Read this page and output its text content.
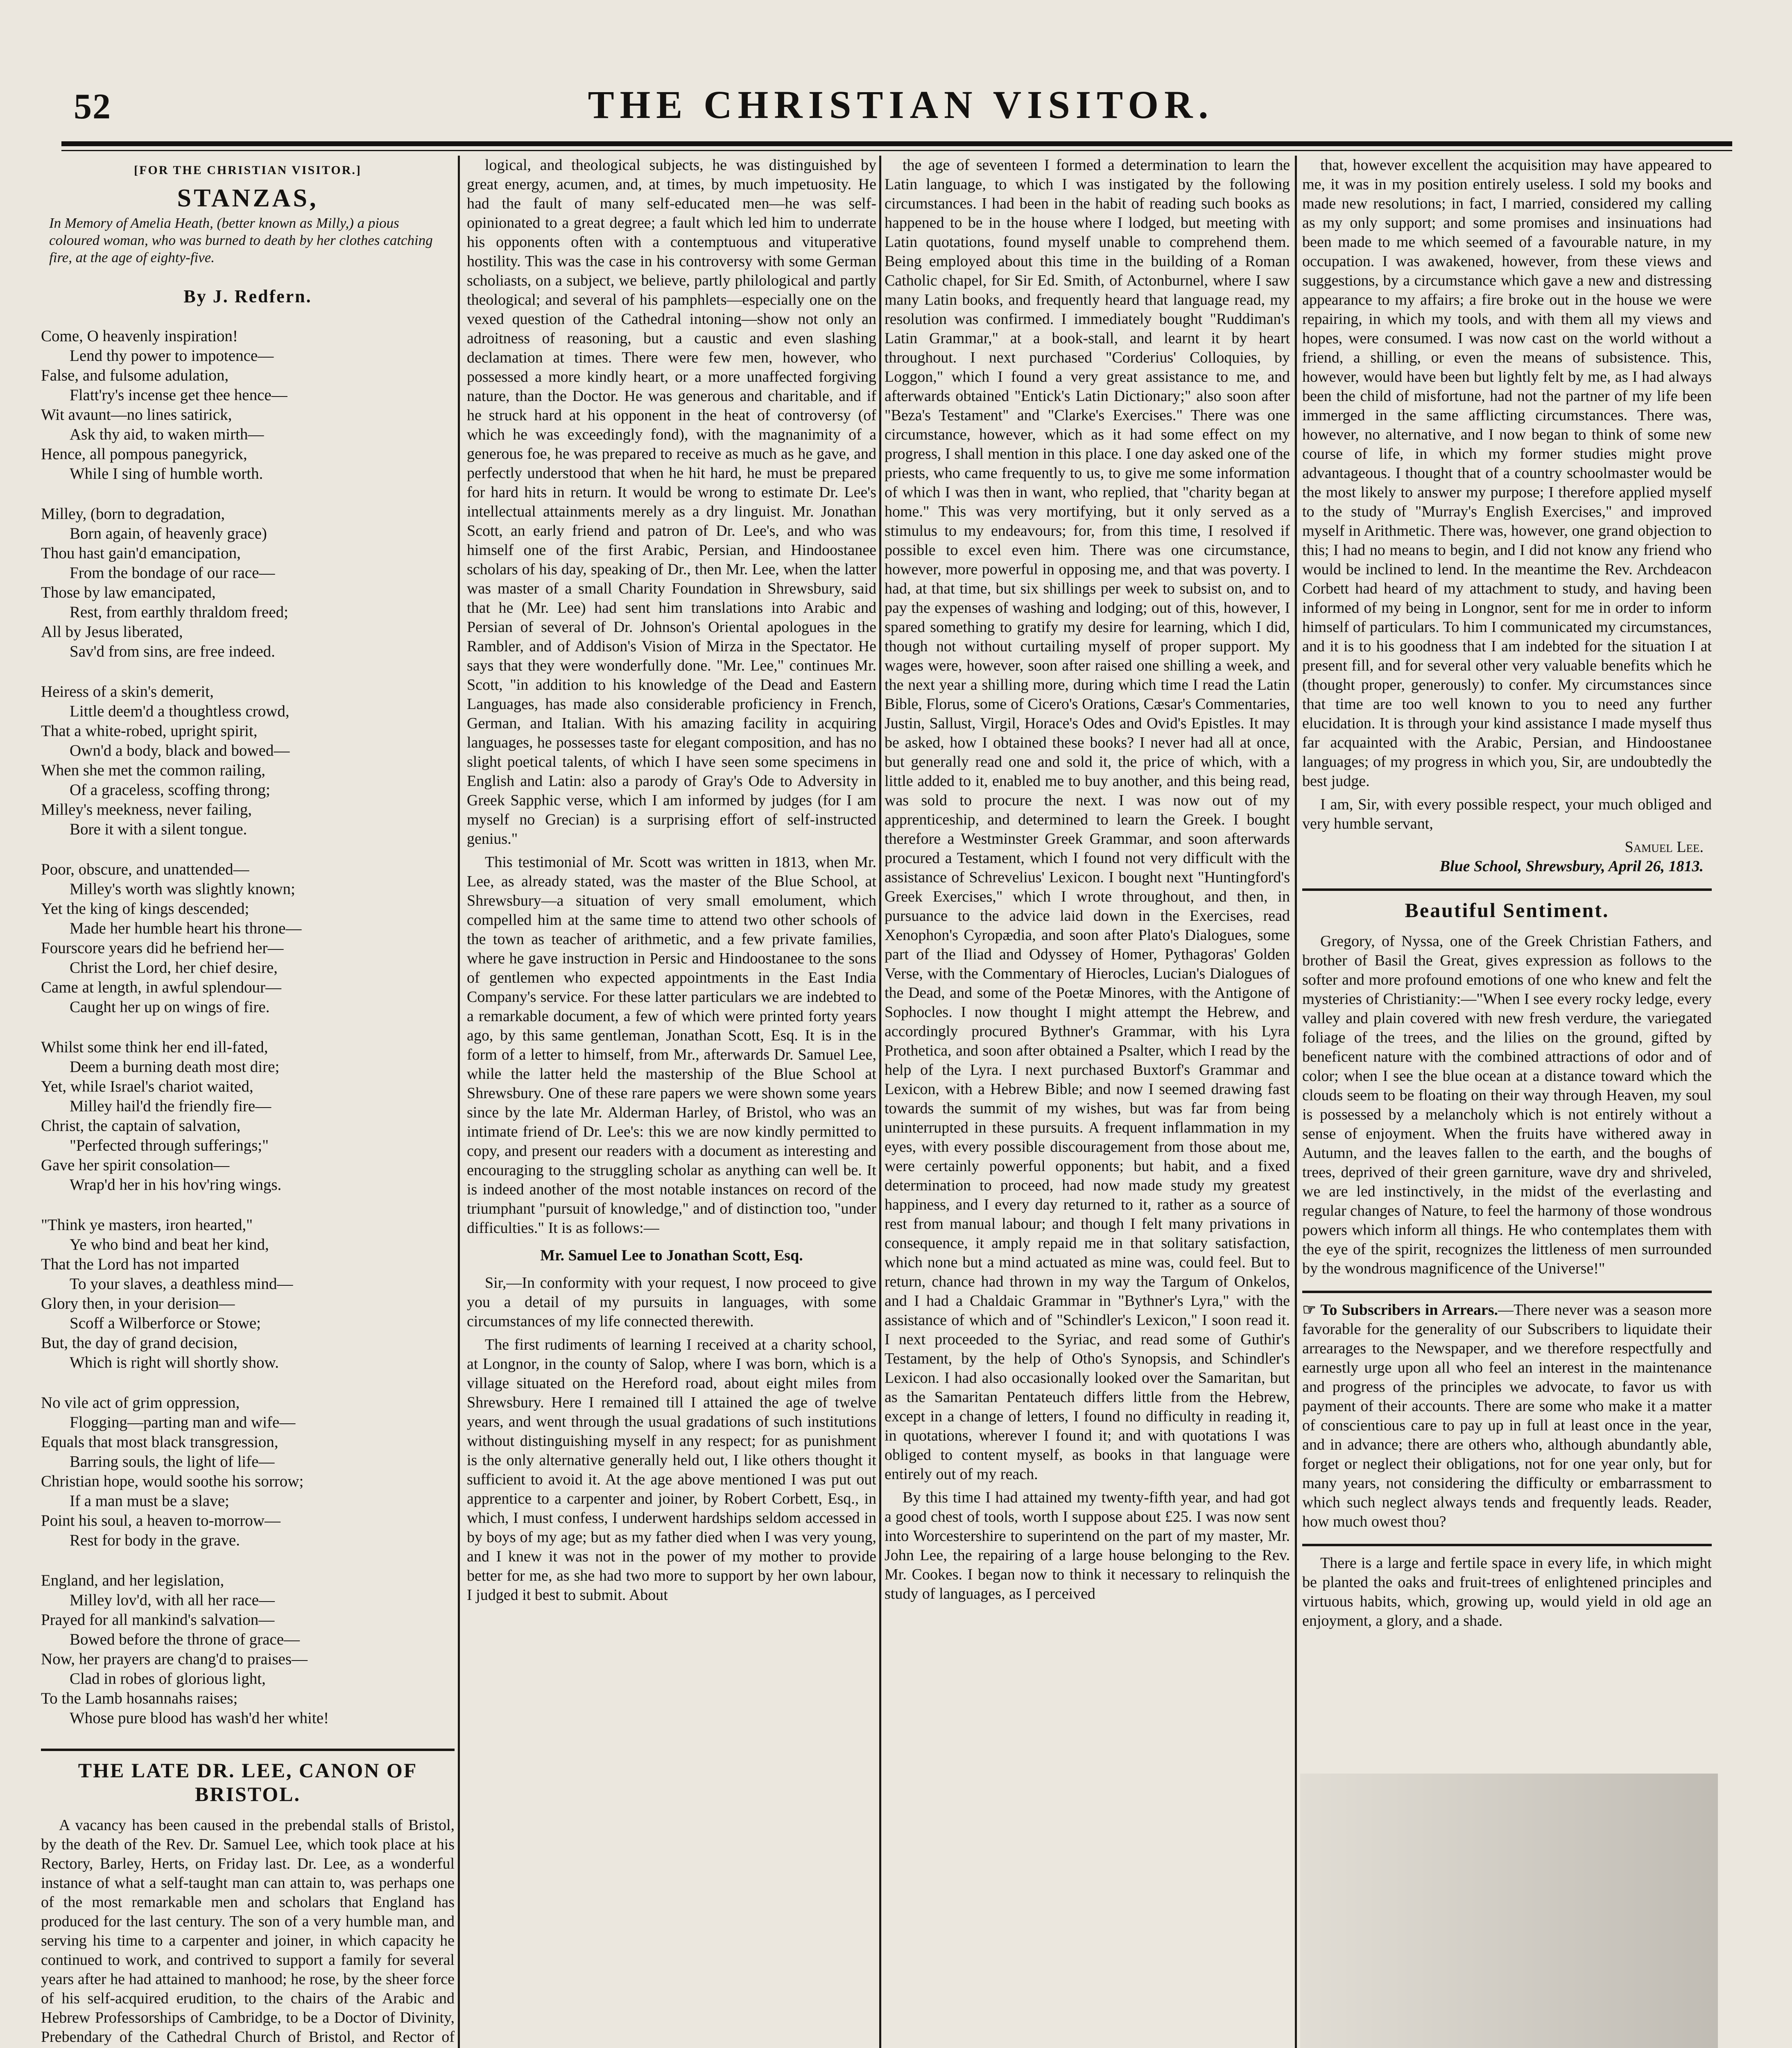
52	THE CHRISTIAN VISITOR.
[FOR THE CHRISTIAN VISITOR.]
STANZAS,
In Memory of Amelia Heath, (better known as Milly,) a pious coloured woman, who was burned to death by her clothes catching fire, at the age of eighty-five.
By J. Redfern.
Come, O heavenly inspiration!
Lend thy power to impotence—
False, and fulsome adulation,
Flatt'ry's incense get thee hence—
Wit avaunt—no lines satirick,
Ask thy aid, to waken mirth—
Hence, all pompous panegyrick,
While I sing of humble worth.
Milley, (born to degradation,
Born again, of heavenly grace)
Thou hast gain'd emancipation,
From the bondage of our race—
Those by law emancipated,
Rest, from earthly thraldom freed;
All by Jesus liberated,
Sav'd from sins, are free indeed.
Heiress of a skin's demerit,
Little deem'd a thoughtless crowd,
That a white-robed, upright spirit,
Own'd a body, black and bowed—
When she met the common railing,
Of a graceless, scoffing throng;
Milley's meekness, never failing,
Bore it with a silent tongue.
Poor, obscure, and unattended—
Milley's worth was slightly known;
Yet the king of kings descended;
Made her humble heart his throne—
Fourscore years did he befriend her—
Christ the Lord, her chief desire,
Came at length, in awful splendour—
Caught her up on wings of fire.
Whilst some think her end ill-fated,
Deem a burning death most dire;
Yet, while Israel's chariot waited,
Milley hail'd the friendly fire—
Christ, the captain of salvation,
"Perfected through sufferings;"
Gave her spirit consolation—
Wrap'd her in his hov'ring wings.
"Think ye masters, iron hearted,"
Ye who bind and beat her kind,
That the Lord has not imparted
To your slaves, a deathless mind—
Glory then, in your derision—
Scoff a Wilberforce or Stowe;
But, the day of grand decision,
Which is right will shortly show.
No vile act of grim oppression,
Flogging—parting man and wife—
Equals that most black transgression,
Barring souls, the light of life—
Christian hope, would soothe his sorrow;
If a man must be a slave;
Point his soul, a heaven to-morrow—
Rest for body in the grave.
England, and her legislation,
Milley lov'd, with all her race—
Prayed for all mankind's salvation—
Bowed before the throne of grace—
Now, her prayers are chang'd to praises—
Clad in robes of glorious light,
To the Lamb hosannahs raises;
Whose pure blood has wash'd her white!
THE LATE DR. LEE, CANON OF BRISTOL.

A vacancy has been caused in the prebendal stalls of Bristol, by the death of the Rev. Dr. Samuel Lee, which took place at his Rectory, Barley, Herts, on Friday last. Dr. Lee, as a wonderful instance of what a self-taught man can attain to, was perhaps one of the most remarkable men and scholars that England has produced for the last century. The son of a very humble man, and serving his time to a carpenter and joiner, in which capacity he continued to work, and contrived to support a family for several years after he had attained to manhood; he rose, by the sheer force of his self-acquired erudition, to the chairs of the Arabic and Hebrew Professorships of Cambridge, to be a Doctor of Divinity, Prebendary of the Cathedral Church of Bristol, and Rector of

logical, and theological subjects, he was distinguished by great energy, acumen, and, at times, by much impetuosity. He had the fault of many self-educated men—he was self-opinionated to a great degree; a fault which led him to underrate his opponents often with a contemptuous and vituperative hostility. This was the case in his controversy with some German scholiasts, on a subject, we believe, partly philological and partly theological; and several of his pamphlets—especially one on the vexed question of the Cathedral intoning—show not only an adroitness of reasoning, but a caustic and even slashing declamation at times. There were few men, however, who possessed a more kindly heart, or a more unaffected forgiving nature, than the Doctor. He was generous and charitable, and if he struck hard at his opponent in the heat of controversy (of which he was exceedingly fond), with the magnanimity of a generous foe, he was prepared to receive as much as he gave, and perfectly understood that when he hit hard, he must be prepared for hard hits in return. It would be wrong to estimate Dr. Lee's intellectual attainments merely as a dry linguist. Mr. Jonathan Scott, an early friend and patron of Dr. Lee's, and who was himself one of the first Arabic, Persian, and Hindoostanee scholars of his day, speaking of Dr., then Mr. Lee, when the latter was master of a small Charity Foundation in Shrewsbury, said that he (Mr. Lee) had sent him translations into Arabic and Persian of several of Dr. Johnson's Oriental apologues in the Rambler, and of Addison's Vision of Mirza in the Spectator. He says that they were wonderfully done. "Mr. Lee," continues Mr. Scott, "in addition to his knowledge of the Dead and Eastern Languages, has made also considerable proficiency in French, German, and Italian. With his amazing facility in acquiring languages, he possesses taste for elegant composition, and has no slight poetical talents, of which I have seen some specimens in English and Latin: also a parody of Gray's Ode to Adversity in Greek Sapphic verse, which I am informed by judges (for I am myself no Grecian) is a surprising effort of self-instructed genius."

This testimonial of Mr. Scott was written in 1813, when Mr. Lee, as already stated, was the master of the Blue School, at Shrewsbury—a situation of very small emolument, which compelled him at the same time to attend two other schools of the town as teacher of arithmetic, and a few private families, where he gave instruction in Persic and Hindoostanee to the sons of gentlemen who expected appointments in the East India Company's service. For these latter particulars we are indebted to a remarkable document, a few of which were printed forty years ago, by this same gentleman, Jonathan Scott, Esq. It is in the form of a letter to himself, from Mr., afterwards Dr. Samuel Lee, while the latter held the mastership of the Blue School at Shrewsbury. One of these rare papers we were shown some years since by the late Mr. Alderman Harley, of Bristol, who was an intimate friend of Dr. Lee's: this we are now kindly permitted to copy, and present our readers with a document as interesting and encouraging to the struggling scholar as anything can well be. It is indeed another of the most notable instances on record of the triumphant "pursuit of knowledge," and of distinction too, "under difficulties." It is as follows:—

Mr. Samuel Lee to Jonathan Scott, Esq.

Sir,—In conformity with your request, I now proceed to give you a detail of my pursuits in languages, with some circumstances of my life connected therewith.

The first rudiments of learning I received at a charity school, at Longnor, in the county of Salop, where I was born, which is a village situated on the Hereford road, about eight miles from Shrewsbury. Here I remained till I attained the age of twelve years, and went through the usual gradations of such institutions without distinguishing myself in any respect; for as punishment is the only alternative generally held out, I like others thought it sufficient to avoid it. At the age above mentioned I was put out apprentice to a carpenter and joiner, by Robert Corbett, Esq., in which, I must confess, I underwent hardships seldom accessed in by boys of my age; but as my father died when I was very young, and I knew it was not in the power of my mother to provide better for me, as she had two more to support by her own labour, I judged it best to submit. About

the age of seventeen I formed a determination to learn the Latin language, to which I was instigated by the following circumstances. I had been in the habit of reading such books as happened to be in the house where I lodged, but meeting with Latin quotations, found myself unable to comprehend them. Being employed about this time in the building of a Roman Catholic chapel, for Sir Ed. Smith, of Actonburnel, where I saw many Latin books, and frequently heard that language read, my resolution was confirmed. I immediately bought "Ruddiman's Latin Grammar," at a book-stall, and learnt it by heart throughout. I next purchased "Corderius' Colloquies, by Loggon," which I found a very great assistance to me, and afterwards obtained "Entick's Latin Dictionary;" also soon after "Beza's Testament" and "Clarke's Exercises." There was one circumstance, however, which as it had some effect on my progress, I shall mention in this place. I one day asked one of the priests, who came frequently to us, to give me some information of which I was then in want, who replied, that "charity began at home." This was very mortifying, but it only served as a stimulus to my endeavours; for, from this time, I resolved if possible to excel even him. There was one circumstance, however, more powerful in opposing me, and that was poverty. I had, at that time, but six shillings per week to subsist on, and to pay the expenses of washing and lodging; out of this, however, I spared something to gratify my desire for learning, which I did, though not without curtailing myself of proper support. My wages were, however, soon after raised one shilling a week, and the next year a shilling more, during which time I read the Latin Bible, Florus, some of Cicero's Orations, Cæsar's Commentaries, Justin, Sallust, Virgil, Horace's Odes and Ovid's Epistles. It may be asked, how I obtained these books? I never had all at once, but generally read one and sold it, the price of which, with a little added to it, enabled me to buy another, and this being read, was sold to procure the next. I was now out of my apprenticeship, and determined to learn the Greek. I bought therefore a Westminster Greek Grammar, and soon afterwards procured a Testament, which I found not very difficult with the assistance of Schrevelius' Lexicon. I bought next "Huntingford's Greek Exercises," which I wrote throughout, and then, in pursuance to the advice laid down in the Exercises, read Xenophon's Cyropædia, and soon after Plato's Dialogues, some part of the Iliad and Odyssey of Homer, Pythagoras' Golden Verse, with the Commentary of Hierocles, Lucian's Dialogues of the Dead, and some of the Poetæ Minores, with the Antigone of Sophocles. I now thought I might attempt the Hebrew, and accordingly procured Bythner's Grammar, with his Lyra Prothetica, and soon after obtained a Psalter, which I read by the help of the Lyra. I next purchased Buxtorf's Grammar and Lexicon, with a Hebrew Bible; and now I seemed drawing fast towards the summit of my wishes, but was far from being uninterrupted in these pursuits. A frequent inflammation in my eyes, with every possible discouragement from those about me, were certainly powerful opponents; but habit, and a fixed determination to proceed, had now made study my greatest happiness, and I every day returned to it, rather as a source of rest from manual labour; and though I felt many privations in consequence, it amply repaid me in that solitary satisfaction, which none but a mind actuated as mine was, could feel. But to return, chance had thrown in my way the Targum of Onkelos, and I had a Chaldaic Grammar in "Bythner's Lyra," with the assistance of which and of "Schindler's Lexicon," I soon read it. I next proceeded to the Syriac, and read some of Guthir's Testament, by the help of Otho's Synopsis, and Schindler's Lexicon. I had also occasionally looked over the Samaritan, but as the Samaritan Pentateuch differs little from the Hebrew, except in a change of letters, I found no difficulty in reading it, in quotations, wherever I found it; and with quotations I was obliged to content myself, as books in that language were entirely out of my reach.

By this time I had attained my twenty-fifth year, and had got a good chest of tools, worth I suppose about £25. I was now sent into Worcestershire to superintend on the part of my master, Mr. John Lee, the repairing of a large house belonging to the Rev. Mr. Cookes. I began now to think it necessary to relinquish the study of languages, as I perceived

that, however excellent the acquisition may have appeared to me, it was in my position entirely useless. I sold my books and made new resolutions; in fact, I married, considered my calling as my only support; and some promises and insinuations had been made to me which seemed of a favourable nature, in my occupation. I was awakened, however, from these views and suggestions, by a circumstance which gave a new and distressing appearance to my affairs; a fire broke out in the house we were repairing, in which my tools, and with them all my views and hopes, were consumed. I was now cast on the world without a friend, a shilling, or even the means of subsistence. This, however, would have been but lightly felt by me, as I had always been the child of misfortune, had not the partner of my life been immerged in the same afflicting circumstances. There was, however, no alternative, and I now began to think of some new course of life, in which my former studies might prove advantageous. I thought that of a country schoolmaster would be the most likely to answer my purpose; I therefore applied myself to the study of "Murray's English Exercises," and improved myself in Arithmetic. There was, however, one grand objection to this; I had no means to begin, and I did not know any friend who would be inclined to lend. In the meantime the Rev. Archdeacon Corbett had heard of my attachment to study, and having been informed of my being in Longnor, sent for me in order to inform himself of particulars. To him I communicated my circumstances, and it is to his goodness that I am indebted for the situation I at present fill, and for several other very valuable benefits which he (thought proper, generously) to confer. My circumstances since that time are too well known to you to need any further elucidation. It is through your kind assistance I made myself thus far acquainted with the Arabic, Persian, and Hindoostanee languages; of my progress in which you, Sir, are undoubtedly the best judge.

I am, Sir, with every possible respect, your much obliged and very humble servant,

Samuel Lee.
Blue School, Shrewsbury, April 26, 1813.
Beautiful Sentiment.

Gregory, of Nyssa, one of the Greek Christian Fathers, and brother of Basil the Great, gives expression as follows to the softer and more profound emotions of one who knew and felt the mysteries of Christianity:—"When I see every rocky ledge, every valley and plain covered with new fresh verdure, the variegated foliage of the trees, and the lilies on the ground, gifted by beneficent nature with the combined attractions of odor and of color; when I see the blue ocean at a distance toward which the clouds seem to be floating on their way through Heaven, my soul is possessed by a melancholy which is not entirely without a sense of enjoyment. When the fruits have withered away in Autumn, and the leaves fallen to the earth, and the boughs of trees, deprived of their green garniture, wave dry and shriveled, we are led instinctively, in the midst of the everlasting and regular changes of Nature, to feel the harmony of those wondrous powers which inform all things. He who contemplates them with the eye of the spirit, recognizes the littleness of men surrounded by the wondrous magnificence of the Universe!"

☞ To Subscribers in Arrears.—There never was a season more favorable for the generality of our Subscribers to liquidate their arrearages to the Newspaper, and we therefore respectfully and earnestly urge upon all who feel an interest in the maintenance and progress of the principles we advocate, to favor us with payment of their accounts. There are some who make it a matter of conscientious care to pay up in full at least once in the year, and in advance; there are others who, although abundantly able, forget or neglect their obligations, not for one year only, but for many years, not considering the difficulty or embarrassment to which such neglect always tends and frequently leads. Reader, how much owest thou?

There is a large and fertile space in every life, in which might be planted the oaks and fruit-trees of enlightened principles and virtuous habits, which, growing up, would yield in old age an enjoyment, a glory, and a shade.
